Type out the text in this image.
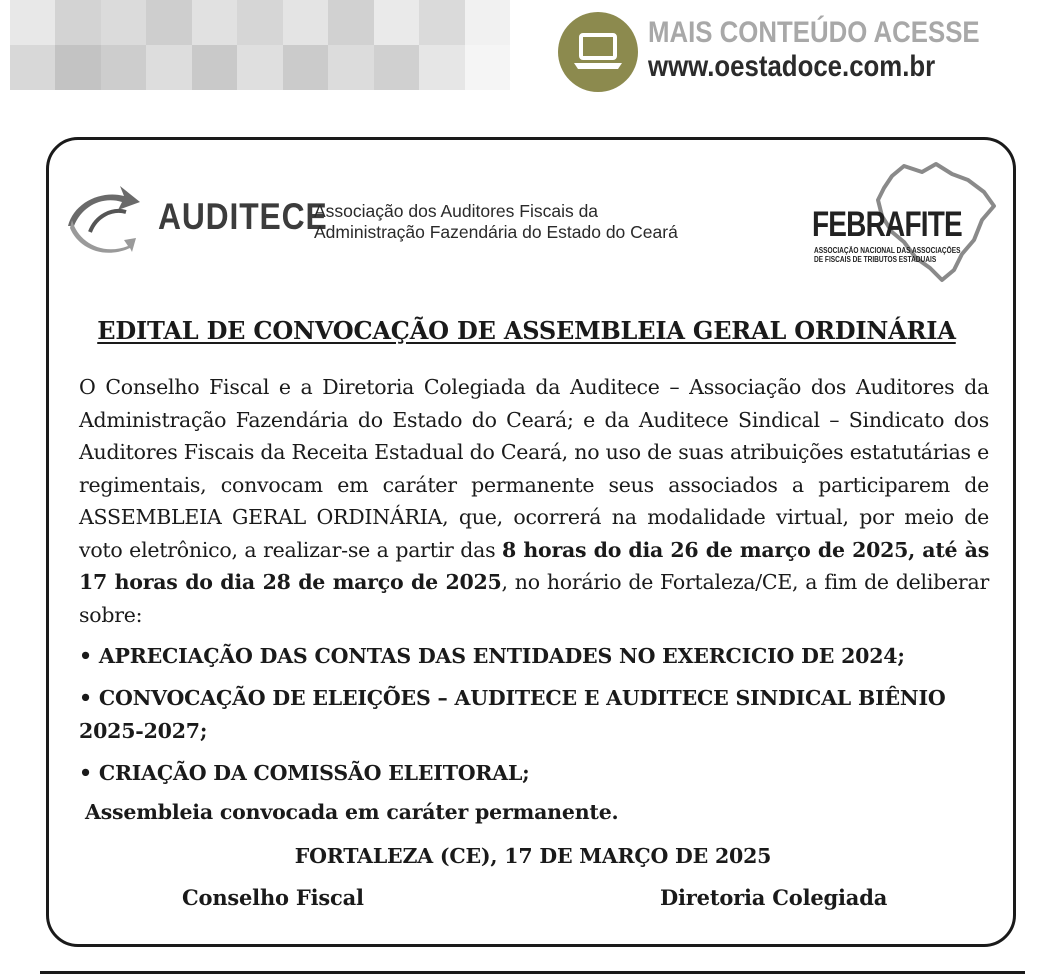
MAIS CONTEÚDO ACESSE
www.oestadoce.com.br
AUDITECE
Associação dos Auditores Fiscais da
Administração Fazendária do Estado do Ceará	FEBRAFITE
ASSOCIAÇÃO NACIONAL DAS ASSOCIAÇÕES
DE FISCAIS DE TRIBUTOS ESTADUAIS
EDITAL DE CONVOCAÇÃO DE ASSEMBLEIA GERAL ORDINÁRIA
O Conselho Fiscal e a Diretoria Colegiada da Auditece – Associação dos Auditores da Administração Fazendária do Estado do Ceará; e da Auditece Sindical – Sindicato dos Auditores Fiscais da Receita Estadual do Ceará, no uso de suas atribuições estatutárias e regimentais, convocam em caráter permanente seus associados a participarem de ASSEMBLEIA GERAL ORDINÁRIA, que, ocorrerá na modalidade virtual, por meio de voto eletrônico, a realizar-se a partir das 8 horas do dia 26 de março de 2025, até às 17 horas do dia 28 de março de 2025, no horário de Fortaleza/CE, a fim de deliberar sobre:
• APRECIAÇÃO DAS CONTAS DAS ENTIDADES NO EXERCICIO DE 2024;
• CONVOCAÇÃO DE ELEIÇÕES – AUDITECE E AUDITECE SINDICAL BIÊNIO 2025-2027;
• CRIAÇÃO DA COMISSÃO ELEITORAL;
Assembleia convocada em caráter permanente.
FORTALEZA (CE), 17 DE MARÇO DE 2025
Conselho Fiscal	Diretoria Colegiada
